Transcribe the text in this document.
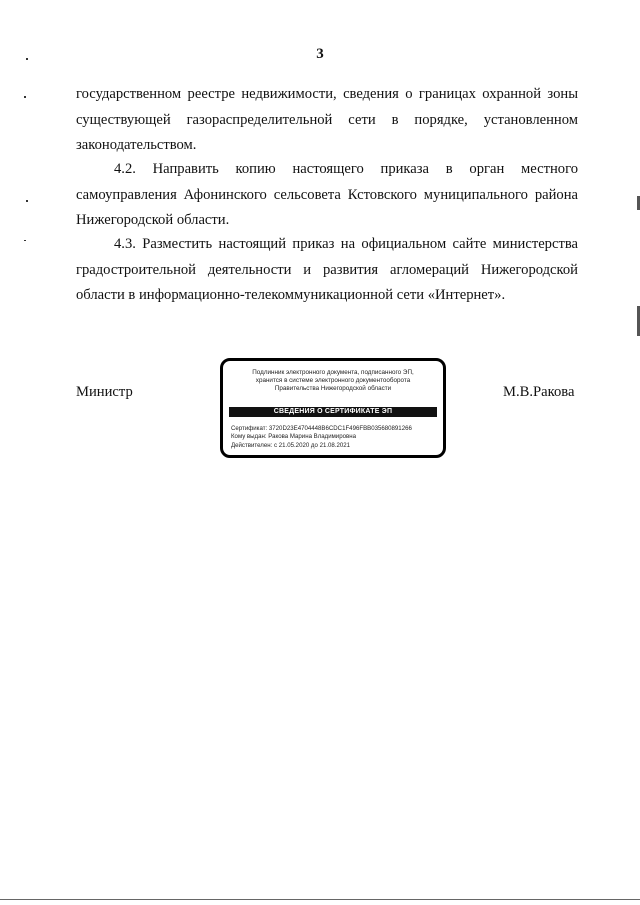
3

государственном реестре недвижимости, сведения о границах охранной зоны
существующей газораспределительной сети в порядке, установленном
законодательством.

4.2. Направить копию настоящего приказа в орган местного
самоуправления Афонинского сельсовета Кстовского муниципального района
Нижегородской области.

4.3. Разместить настоящий приказ на официальном сайте министерства
градостроительной деятельности и развития агломераций Нижегородской
области в информационно-телекоммуникационной сети «Интернет».

Министр	М.В.Ракова
Подлинник электронного документа, подписанного ЭП,
хранится в системе электронного документооборота
Правительства Нижегородской области
СВЕДЕНИЯ О СЕРТИФИКАТЕ ЭП
Сертификат: 3720D23E4704448B6CDC1F496FBB035680891266
Кому выдан: Ракова Марина Владимировна
Действителен: с 21.05.2020 до 21.08.2021
